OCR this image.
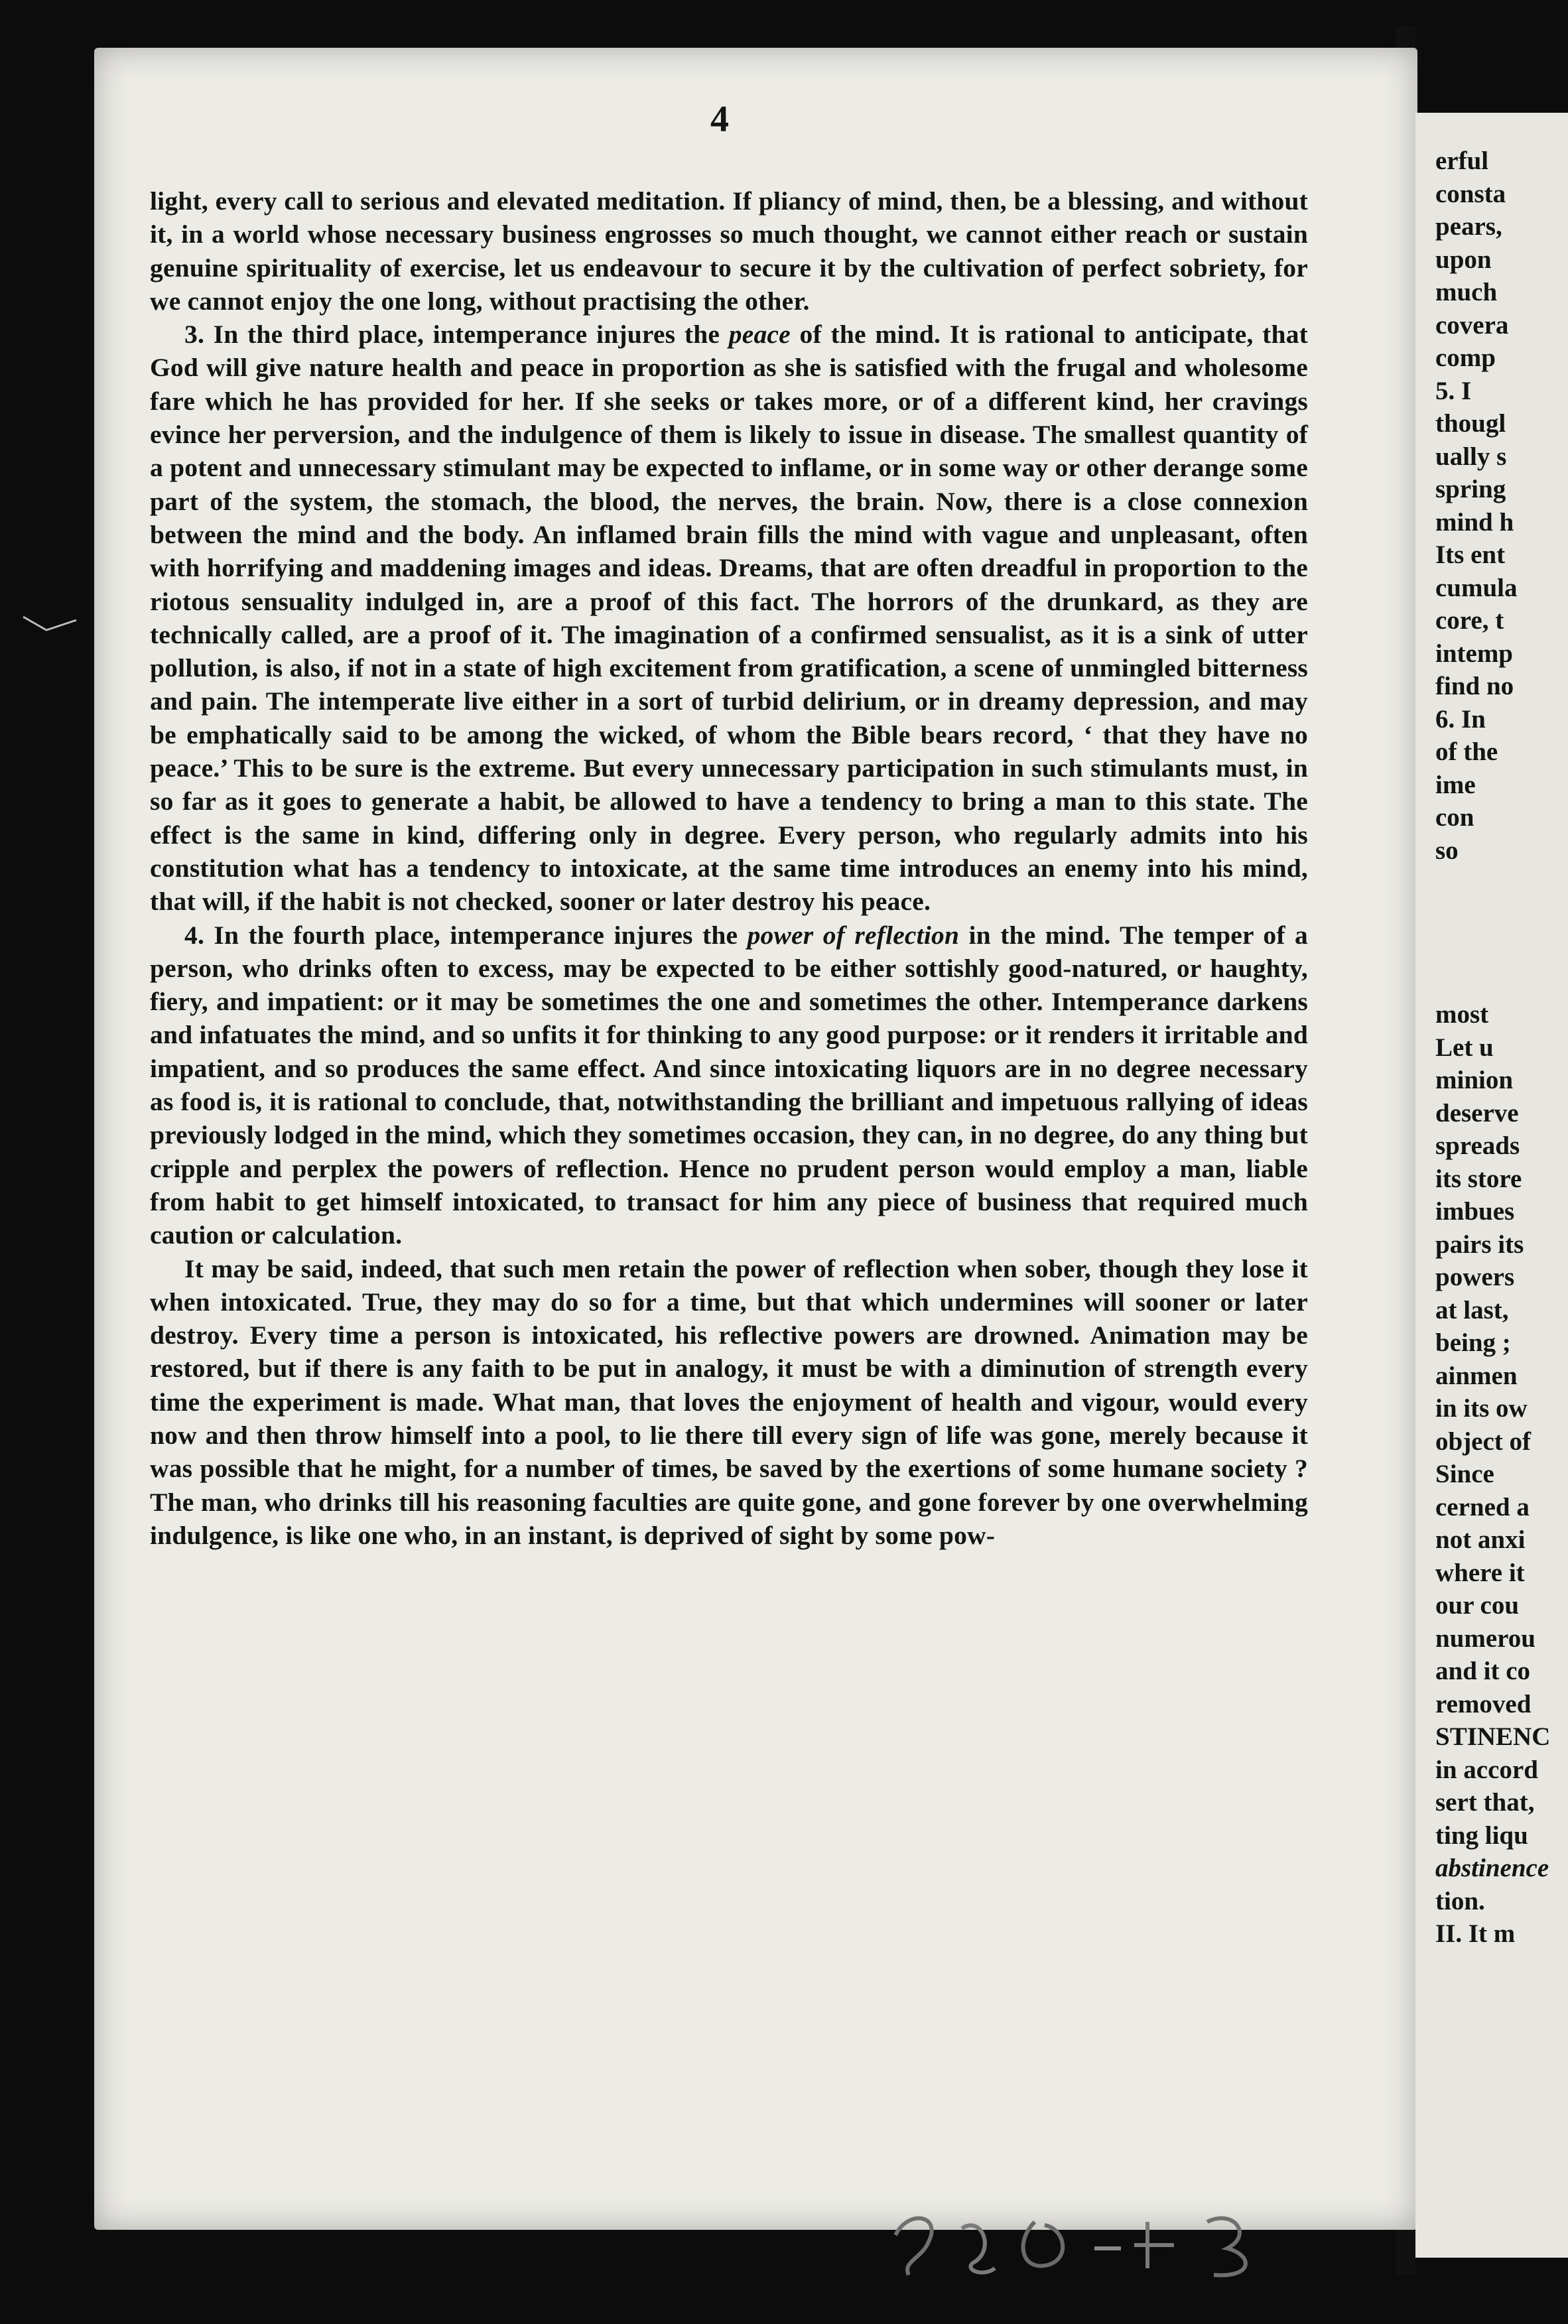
erful
consta
pears,
upon
much
covera
comp
5. I
thougl
ually s
spring
mind h
Its ent
cumula
core, t
intemp
find no
6. In
of the
ime
con
so
most
Let u
minion
deserve
spreads
its store
imbues
pairs its
powers
at last,
being ;
ainmen
in its ow
object of
Since
cerned a
not anxi
where it
our cou
numerou
and it co
removed
STINENC
in accord
sert that,
ting liqu
abstinence
tion.
II. It m
4

light, every call to serious and elevated meditation. If pliancy of mind, then, be a blessing, and without it, in a world whose necessary business engrosses so much thought, we cannot either reach or sustain genuine spirituality of exercise, let us endeavour to secure it by the cultivation of perfect sobriety, for we cannot enjoy the one long, without practising the other.

3. In the third place, intemperance injures the peace of the mind. It is rational to anticipate, that God will give nature health and peace in proportion as she is satisfied with the frugal and wholesome fare which he has provided for her. If she seeks or takes more, or of a different kind, her cravings evince her perversion, and the indulgence of them is likely to issue in disease. The smallest quantity of a potent and unnecessary stimulant may be expected to inflame, or in some way or other derange some part of the system, the stomach, the blood, the nerves, the brain. Now, there is a close connexion between the mind and the body. An inflamed brain fills the mind with vague and unpleasant, often with horrifying and maddening images and ideas. Dreams, that are often dreadful in proportion to the riotous sensuality indulged in, are a proof of this fact. The horrors of the drunkard, as they are technically called, are a proof of it. The imagination of a confirmed sensualist, as it is a sink of utter pollution, is also, if not in a state of high excitement from gratification, a scene of unmingled bitterness and pain. The intemperate live either in a sort of turbid delirium, or in dreamy depression, and may be emphatically said to be among the wicked, of whom the Bible bears record, ‘ that they have no peace.’ This to be sure is the extreme. But every unnecessary participation in such stimulants must, in so far as it goes to generate a habit, be allowed to have a tendency to bring a man to this state. The effect is the same in kind, differing only in degree. Every person, who regularly admits into his constitution what has a tendency to intoxicate, at the same time introduces an enemy into his mind, that will, if the habit is not checked, sooner or later destroy his peace.

4. In the fourth place, intemperance injures the power of reflection in the mind. The temper of a person, who drinks often to excess, may be expected to be either sottishly good-natured, or haughty, fiery, and impatient: or it may be sometimes the one and sometimes the other. Intemperance darkens and infatuates the mind, and so unfits it for thinking to any good purpose: or it renders it irritable and impatient, and so produces the same effect. And since intoxicating liquors are in no degree necessary as food is, it is rational to conclude, that, notwithstanding the brilliant and impetuous rallying of ideas previously lodged in the mind, which they sometimes occasion, they can, in no degree, do any thing but cripple and perplex the powers of reflection. Hence no prudent person would employ a man, liable from habit to get himself intoxicated, to transact for him any piece of business that required much caution or calculation.

It may be said, indeed, that such men retain the power of reflection when sober, though they lose it when intoxicated. True, they may do so for a time, but that which undermines will sooner or later destroy. Every time a person is intoxicated, his reflective powers are drowned. Animation may be restored, but if there is any faith to be put in analogy, it must be with a diminution of strength every time the experiment is made. What man, that loves the enjoyment of health and vigour, would every now and then throw himself into a pool, to lie there till every sign of life was gone, merely because it was possible that he might, for a number of times, be saved by the exertions of some humane society ? The man, who drinks till his reasoning faculties are quite gone, and gone forever by one overwhelming indulgence, is like one who, in an instant, is deprived of sight by some pow-
